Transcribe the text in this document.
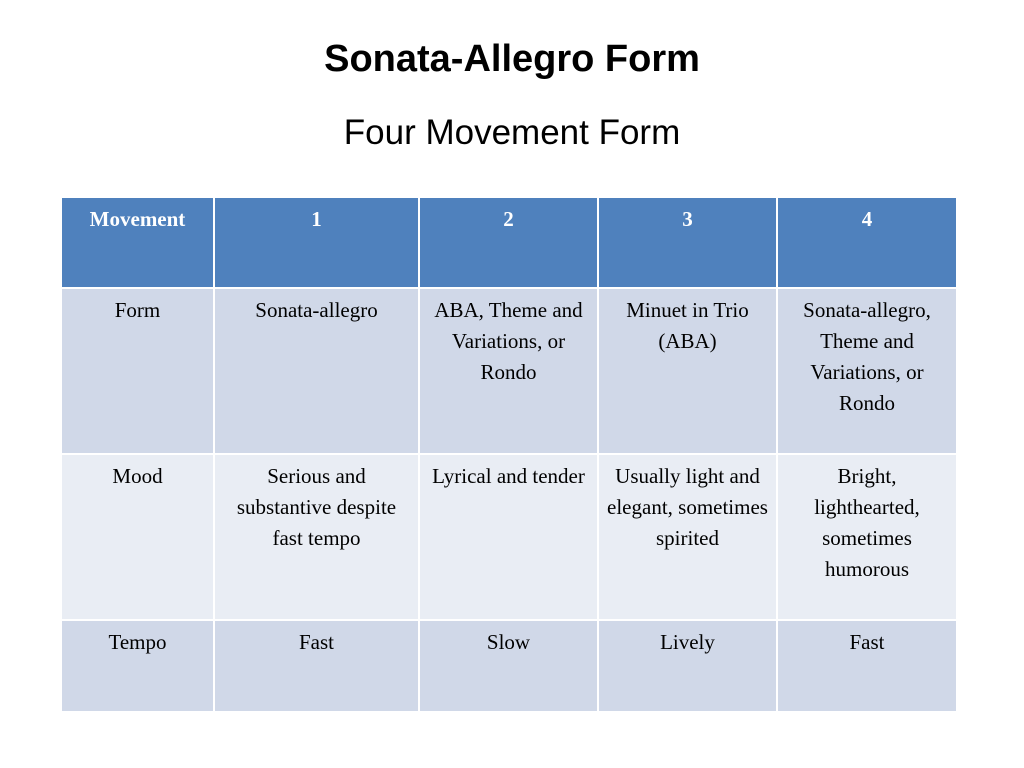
Sonata-Allegro Form
Four Movement Form
Movement	1	2	3	4
Form	Sonata-allegro	ABA, Theme and Variations, or Rondo	Minuet in Trio (ABA)	Sonata-allegro, Theme and Variations, or Rondo
Mood	Serious and substantive despite fast tempo	Lyrical and tender	Usually light and elegant, sometimes spirited	Bright, lighthearted, sometimes humorous
Tempo	Fast	Slow	Lively	Fast
